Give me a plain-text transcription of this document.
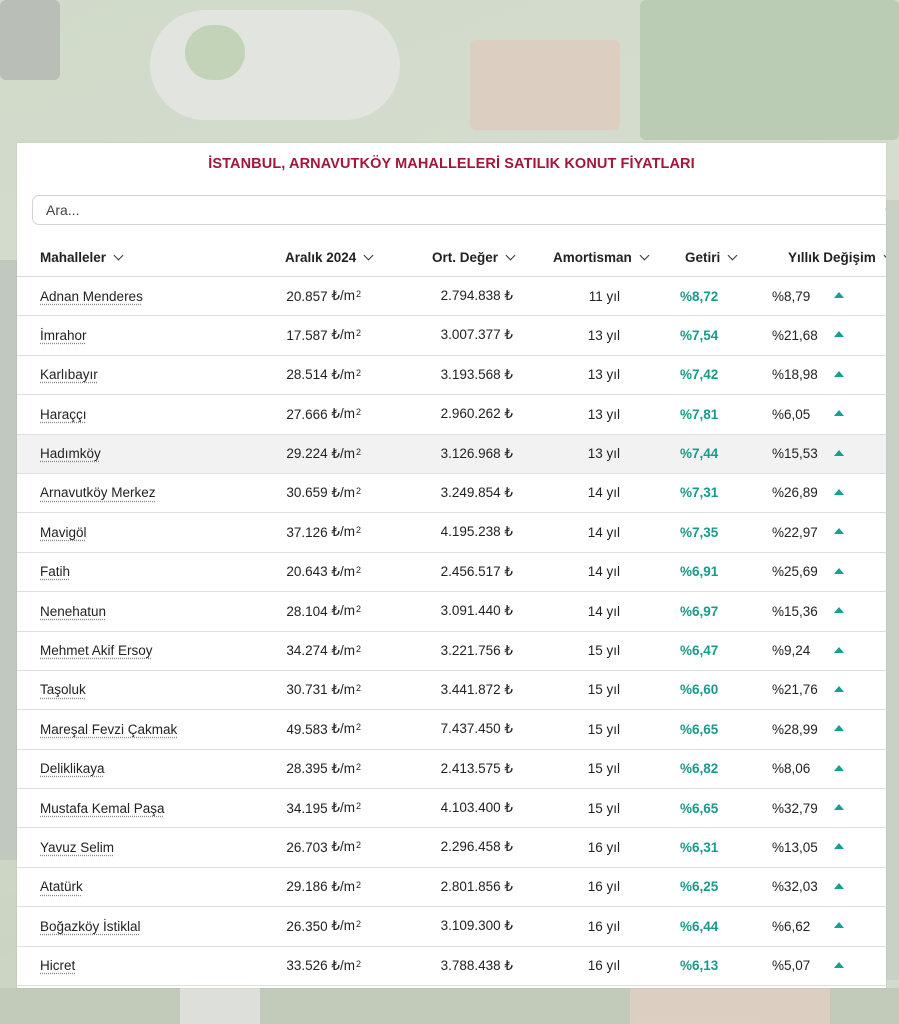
İSTANBUL, ARNAVUTKÖY MAHALLELERİ SATILIK KONUT FİYATLARI
Ara...
Mahalleler	Aralık 2024	Ort. Değer	Amortisman	Getiri	Yıllık Değişim
Adnan Menderes	20.857 $₺/m^2$	2.794.838 ₺	11 yıl	%8,72	%8,79
İmrahor	17.587 $₺/m^2$	3.007.377 ₺	13 yıl	%7,54	%21,68
Karlıbayır	28.514 $₺/m^2$	3.193.568 ₺	13 yıl	%7,42	%18,98
Haraççı	27.666 $₺/m^2$	2.960.262 ₺	13 yıl	%7,81	%6,05
Hadımköy	29.224 $₺/m^2$	3.126.968 ₺	13 yıl	%7,44	%15,53
Arnavutköy Merkez	30.659 $₺/m^2$	3.249.854 ₺	14 yıl	%7,31	%26,89
Mavigöl	37.126 $₺/m^2$	4.195.238 ₺	14 yıl	%7,35	%22,97
Fatih	20.643 $₺/m^2$	2.456.517 ₺	14 yıl	%6,91	%25,69
Nenehatun	28.104 $₺/m^2$	3.091.440 ₺	14 yıl	%6,97	%15,36
Mehmet Akif Ersoy	34.274 $₺/m^2$	3.221.756 ₺	15 yıl	%6,47	%9,24
Taşoluk	30.731 $₺/m^2$	3.441.872 ₺	15 yıl	%6,60	%21,76
Mareşal Fevzi Çakmak	49.583 $₺/m^2$	7.437.450 ₺	15 yıl	%6,65	%28,99
Deliklikaya	28.395 $₺/m^2$	2.413.575 ₺	15 yıl	%6,82	%8,06
Mustafa Kemal Paşa	34.195 $₺/m^2$	4.103.400 ₺	15 yıl	%6,65	%32,79
Yavuz Selim	26.703 $₺/m^2$	2.296.458 ₺	16 yıl	%6,31	%13,05
Atatürk	29.186 $₺/m^2$	2.801.856 ₺	16 yıl	%6,25	%32,03
Boğazköy İstiklal	26.350 $₺/m^2$	3.109.300 ₺	16 yıl	%6,44	%6,62
Hicret	33.526 $₺/m^2$	3.788.438 ₺	16 yıl	%6,13	%5,07
